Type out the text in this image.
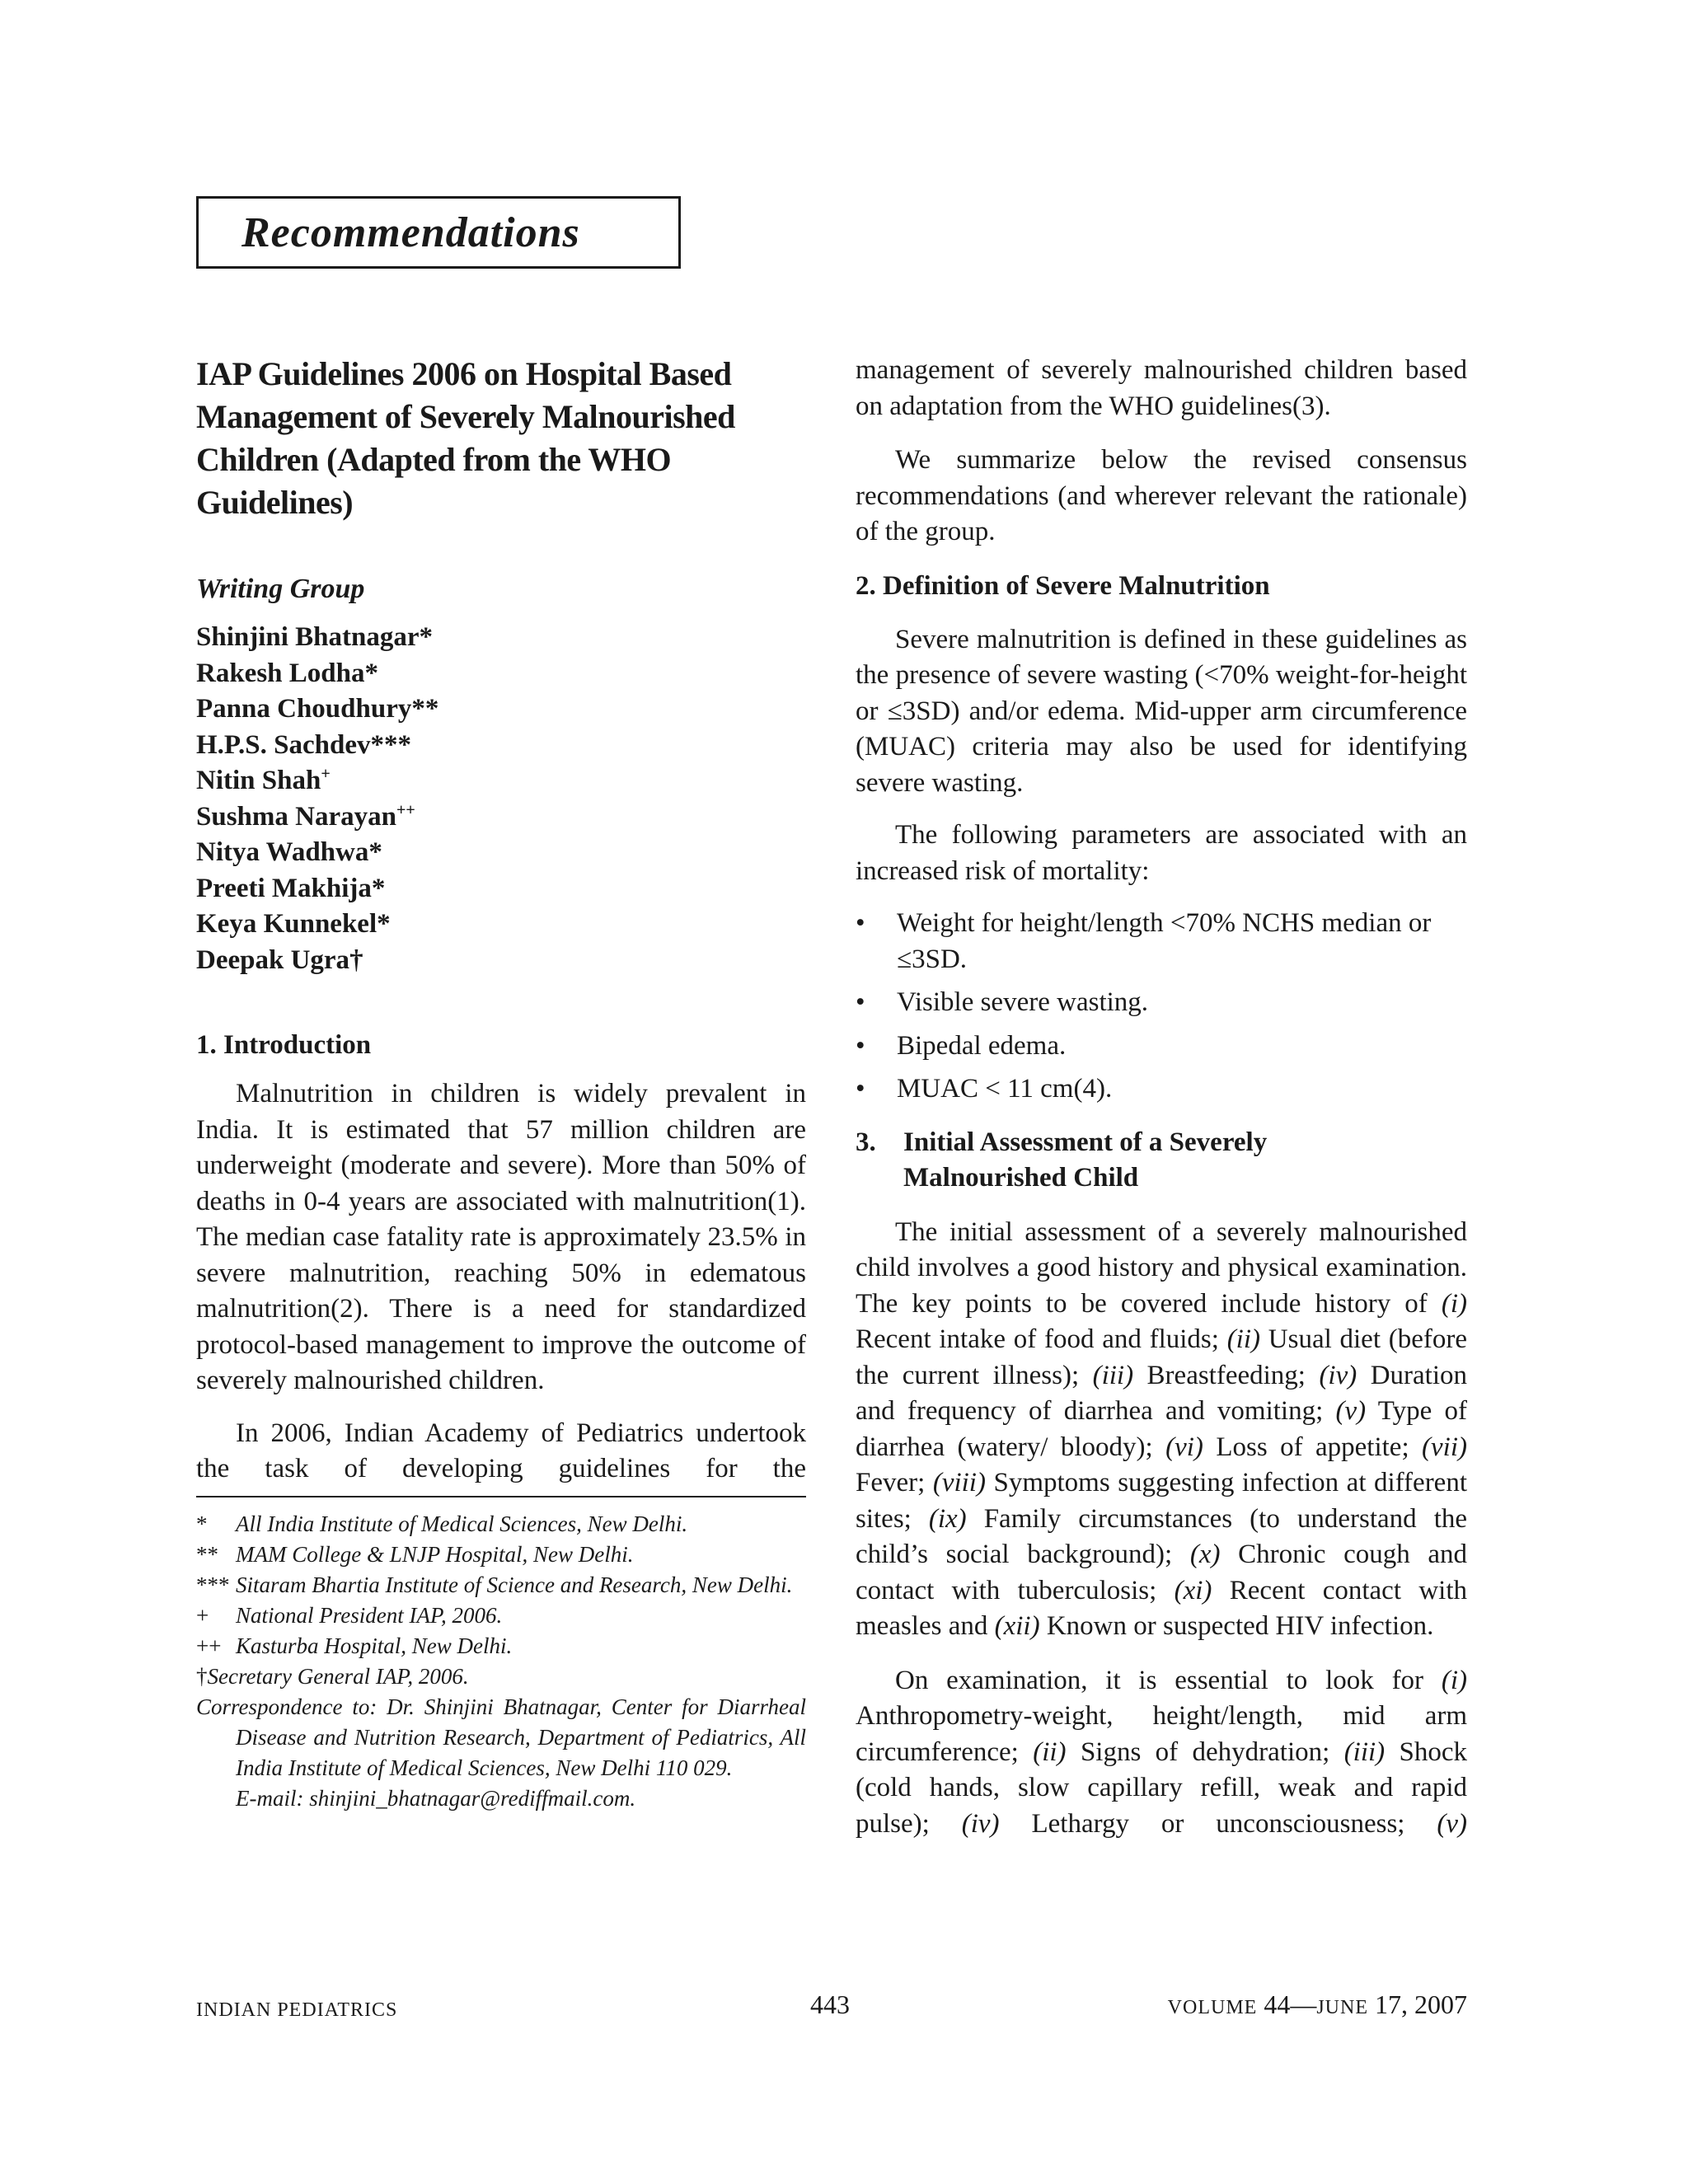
Recommendations
IAP Guidelines 2006 on Hospital Based Management of Severely Malnourished Children (Adapted from the WHO Guidelines)
Writing Group
Shinjini Bhatnagar*
Rakesh Lodha*
Panna Choudhury**
H.P.S. Sachdev***
Nitin Shah+
Sushma Narayan++
Nitya Wadhwa*
Preeti Makhija*
Keya Kunnekel*
Deepak Ugra†
1. Introduction

Malnutrition in children is widely prevalent in India. It is estimated that 57 million children are underweight (moderate and severe). More than 50% of deaths in 0-4 years are associated with malnutrition(1). The median case fatality rate is approximately 23.5% in severe malnutrition, reaching 50% in edematous malnutrition(2). There is a need for standardized protocol-based management to improve the outcome of severely malnourished children.

In 2006, Indian Academy of Pediatrics undertook the task of developing guidelines for the

*	All India Institute of Medical Sciences, New Delhi.
** MAM College & LNJP Hospital, New Delhi.
*** Sitaram Bhartia Institute of Science and Research, New Delhi.
+	National President IAP, 2006.
++ Kasturba Hospital, New Delhi.
† Secretary General IAP, 2006.

Correspondence to: Dr. Shinjini Bhatnagar, Center for Diarrheal Disease and Nutrition Research, Department of Pediatrics, All India Institute of Medical Sciences, New Delhi 110 029.
E-mail: shinjini_bhatnagar@rediffmail.com.

management of severely malnourished children based on adaptation from the WHO guidelines(3).

We summarize below the revised consensus recommendations (and wherever relevant the rationale) of the group.

2. Definition of Severe Malnutrition

Severe malnutrition is defined in these guidelines as the presence of severe wasting (<70% weight-for-height or ≤3SD) and/or edema. Mid-upper arm circumference (MUAC) criteria may also be used for identifying severe wasting.

The following parameters are associated with an increased risk of mortality:

•	Weight for height/length <70% NCHS median or ≤3SD.
•	Visible severe wasting.
•	Bipedal edema.
•	MUAC < 11 cm(4).
3.	Initial Assessment of a Severely
Malnourished Child

The initial assessment of a severely malnourished child involves a good history and physical examination. The key points to be covered include history of (i) Recent intake of food and fluids; (ii) Usual diet (before the current illness); (iii) Breastfeeding; (iv) Duration and frequency of diarrhea and vomiting; (v) Type of diarrhea (watery/ bloody); (vi) Loss of appetite; (vii) Fever; (viii) Symptoms suggesting infection at different sites; (ix) Family circumstances (to understand the child’s social background); (x) Chronic cough and contact with tuberculosis; (xi) Recent contact with measles and (xii) Known or suspected HIV infection.

On examination, it is essential to look for (i) Anthropometry-weight, height/length, mid arm circumference; (ii) Signs of dehydration; (iii) Shock (cold hands, slow capillary refill, weak and rapid pulse); (iv) Lethargy or unconsciousness; (v)

INDIAN PEDIATRICS	443	VOLUME 44—JUNE 17, 2007
